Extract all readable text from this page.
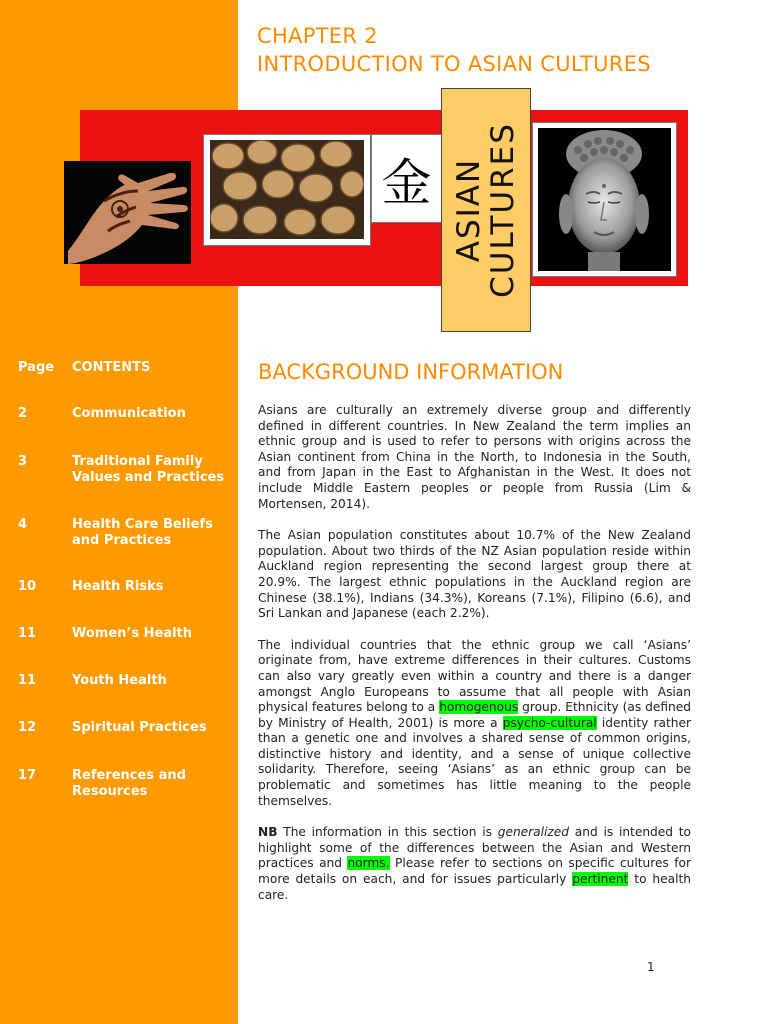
Page CONTENTS
2	Communication
3	Traditional Family Values and Practices
4	Health Care Beliefs and Practices
10	Health Risks
11	Women’s Health
11	Youth Health
12	Spiritual Practices
17	References and Resources
CHAPTER 2
INTRODUCTION TO ASIAN CULTURES
金 ASIAN
CULTURES
BACKGROUND INFORMATION

Asians are culturally an extremely diverse group and differently defined in different countries. In New Zealand the term implies an ethnic group and is used to refer to persons with origins across the Asian continent from China in the North, to Indonesia in the South, and from Japan in the East to Afghanistan in the West. It does not include Middle Eastern peoples or people from Russia (Lim & Mortensen, 2014).

The Asian population constitutes about 10.7% of the New Zealand population. About two thirds of the NZ Asian population reside within Auckland region representing the second largest group there at 20.9%. The largest ethnic populations in the Auckland region are Chinese (38.1%), Indians (34.3%), Koreans (7.1%), Filipino (6.6), and Sri Lankan and Japanese (each 2.2%).

The individual countries that the ethnic group we call ‘Asians’ originate from, have extreme differences in their cultures. Customs can also vary greatly even within a country and there is a danger amongst Anglo Europeans to assume that all people with Asian physical features belong to a homogenous group. Ethnicity (as defined by Ministry of Health, 2001) is more a psycho-cultural identity rather than a genetic one and involves a shared sense of common origins, distinctive history and identity, and a sense of unique collective solidarity. Therefore, seeing ‘Asians’ as an ethnic group can be problematic and sometimes has little meaning to the people themselves.

NB The information in this section is generalized and is intended to highlight some of the differences between the Asian and Western practices and norms. Please refer to sections on specific cultures for more details on each, and for issues particularly pertinent to health care.

1
